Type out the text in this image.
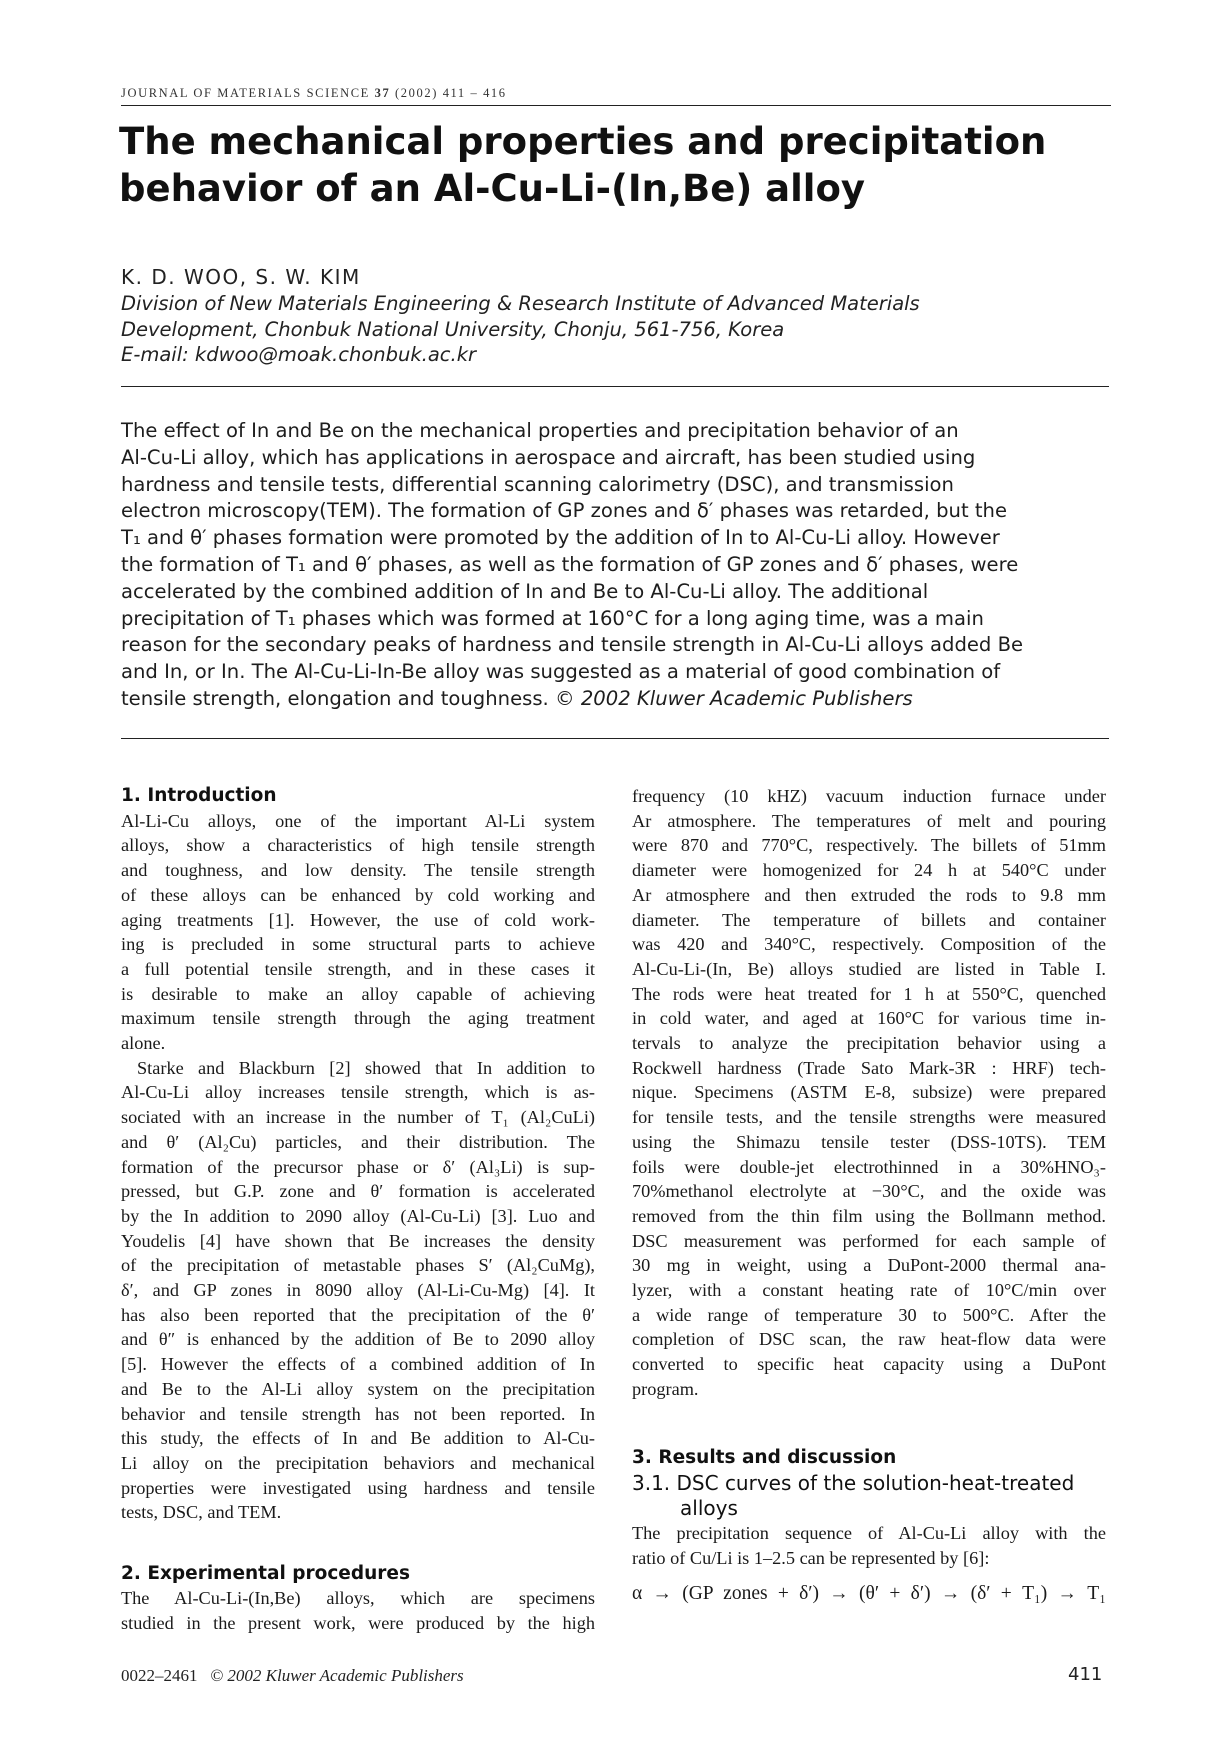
JOURNAL OF MATERIALS SCIENCE 37 (2002) 411 – 416
The mechanical properties and precipitation
behavior of an Al-Cu-Li-(In,Be) alloy
K. D. WOO, S. W. KIM
Division of New Materials Engineering & Research Institute of Advanced Materials
Development, Chonbuk National University, Chonju, 561-756, Korea
E-mail: kdwoo@moak.chonbuk.ac.kr
The effect of In and Be on the mechanical properties and precipitation behavior of an
Al-Cu-Li alloy, which has applications in aerospace and aircraft, has been studied using
hardness and tensile tests, differential scanning calorimetry (DSC), and transmission
electron microscopy(TEM). The formation of GP zones and δ′ phases was retarded, but the
T₁ and θ′ phases formation were promoted by the addition of In to Al-Cu-Li alloy. However
the formation of T₁ and θ′ phases, as well as the formation of GP zones and δ′ phases, were
accelerated by the combined addition of In and Be to Al-Cu-Li alloy. The additional
precipitation of T₁ phases which was formed at 160°C for a long aging time, was a main
reason for the secondary peaks of hardness and tensile strength in Al-Cu-Li alloys added Be
and In, or In. The Al-Cu-Li-In-Be alloy was suggested as a material of good combination of
tensile strength, elongation and toughness. © 2002 Kluwer Academic Publishers
1. Introduction
Al-Li-Cu alloys, one of the important Al-Li system
alloys, show a characteristics of high tensile strength
and toughness, and low density. The tensile strength
of these alloys can be enhanced by cold working and
aging treatments [1]. However, the use of cold work-
ing is precluded in some structural parts to achieve
a full potential tensile strength, and in these cases it
is desirable to make an alloy capable of achieving
maximum tensile strength through the aging treatment
alone.
Starke and Blackburn [2] showed that In addition to
Al-Cu-Li alloy increases tensile strength, which is as-
sociated with an increase in the number of T₁ (Al₂CuLi)
and θ′ (Al₂Cu) particles, and their distribution. The
formation of the precursor phase or δ′ (Al₃Li) is sup-
pressed, but G.P. zone and θ′ formation is accelerated
by the In addition to 2090 alloy (Al-Cu-Li) [3]. Luo and
Youdelis [4] have shown that Be increases the density
of the precipitation of metastable phases S′ (Al₂CuMg),
δ′, and GP zones in 8090 alloy (Al-Li-Cu-Mg) [4]. It
has also been reported that the precipitation of the θ′
and θ″ is enhanced by the addition of Be to 2090 alloy
[5]. However the effects of a combined addition of In
and Be to the Al-Li alloy system on the precipitation
behavior and tensile strength has not been reported. In
this study, the effects of In and Be addition to Al-Cu-
Li alloy on the precipitation behaviors and mechanical
properties were investigated using hardness and tensile
tests, DSC, and TEM.
2. Experimental procedures
The Al-Cu-Li-(In,Be) alloys, which are specimens
studied in the present work, were produced by the high
frequency (10 kHZ) vacuum induction furnace under
Ar atmosphere. The temperatures of melt and pouring
were 870 and 770°C, respectively. The billets of 51mm
diameter were homogenized for 24 h at 540°C under
Ar atmosphere and then extruded the rods to 9.8 mm
diameter. The temperature of billets and container
was 420 and 340°C, respectively. Composition of the
Al-Cu-Li-(In, Be) alloys studied are listed in Table I.
The rods were heat treated for 1 h at 550°C, quenched
in cold water, and aged at 160°C for various time in-
tervals to analyze the precipitation behavior using a
Rockwell hardness (Trade Sato Mark-3R : HRF) tech-
nique. Specimens (ASTM E-8, subsize) were prepared
for tensile tests, and the tensile strengths were measured
using the Shimazu tensile tester (DSS-10TS). TEM
foils were double-jet electrothinned in a 30%HNO₃-
70%methanol electrolyte at −30°C, and the oxide was
removed from the thin film using the Bollmann method.
DSC measurement was performed for each sample of
30 mg in weight, using a DuPont-2000 thermal ana-
lyzer, with a constant heating rate of 10°C/min over
a wide range of temperature 30 to 500°C. After the
completion of DSC scan, the raw heat-flow data were
converted to specific heat capacity using a DuPont
program.
3. Results and discussion
3.1. DSC curves of the solution-heat-treated
alloys
The precipitation sequence of Al-Cu-Li alloy with the
ratio of Cu/Li is 1–2.5 can be represented by [6]:
α → (GP zones + δ′) → (θ′ + δ′) → (δ′ + T₁) → T₁
0022–2461 © 2002 Kluwer Academic Publishers	411
